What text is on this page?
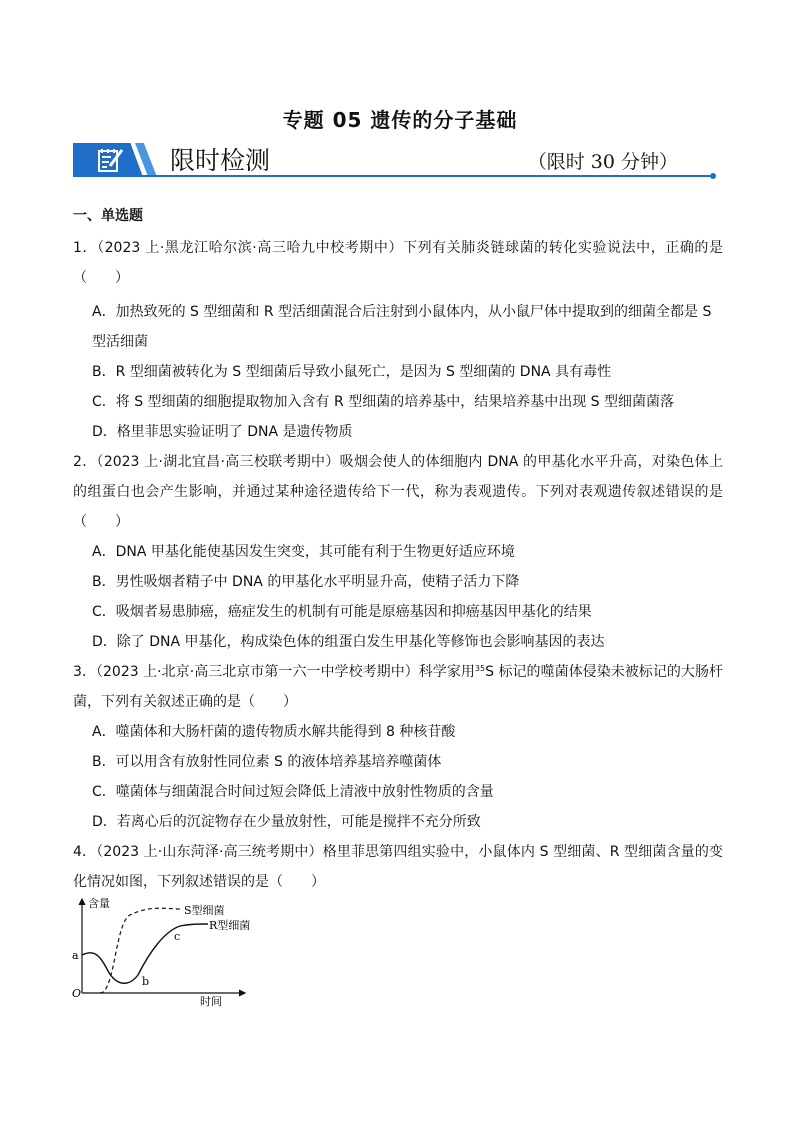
专题 05 遗传的分子基础
限时检测	（限时 30 分钟）
一、单选题

1．（2023 上·黑龙江哈尔滨·高三哈九中校考期中）下列有关肺炎链球菌的转化实验说法中，正确的是（　　）

A．加热致死的 S 型细菌和 R 型活细菌混合后注射到小鼠体内，从小鼠尸体中提取到的细菌全都是 S 型活细菌
B．R 型细菌被转化为 S 型细菌后导致小鼠死亡，是因为 S 型细菌的 DNA 具有毒性
C．将 S 型细菌的细胞提取物加入含有 R 型细菌的培养基中，结果培养基中出现 S 型细菌菌落
D．格里菲思实验证明了 DNA 是遗传物质

2．（2023 上·湖北宜昌·高三校联考期中）吸烟会使人的体细胞内 DNA 的甲基化水平升高，对染色体上的组蛋白也会产生影响，并通过某种途径遗传给下一代，称为表观遗传。下列对表观遗传叙述错误的是（　　）

A．DNA 甲基化能使基因发生突变，其可能有利于生物更好适应环境
B．男性吸烟者精子中 DNA 的甲基化水平明显升高，使精子活力下降
C．吸烟者易患肺癌，癌症发生的机制有可能是原癌基因和抑癌基因甲基化的结果
D．除了 DNA 甲基化，构成染色体的组蛋白发生甲基化等修饰也会影响基因的表达

3．（2023 上·北京·高三北京市第一六一中学校考期中）科学家用$^{35}$S 标记的噬菌体侵染未被标记的大肠杆菌，下列有关叙述正确的是（　　）

A．噬菌体和大肠杆菌的遗传物质水解共能得到 8 种核苷酸
B．可以用含有放射性同位素 S 的液体培养基培养噬菌体
C．噬菌体与细菌混合时间过短会降低上清液中放射性物质的含量
D．若离心后的沉淀物存在少量放射性，可能是搅拌不充分所致

4．（2023 上·山东菏泽·高三统考期中）格里菲思第四组实验中，小鼠体内 S 型细菌、R 型细菌含量的变化情况如图，下列叙述错误的是（　　）

含量
时间
O
S型细菌
R型细菌
a
b
c
